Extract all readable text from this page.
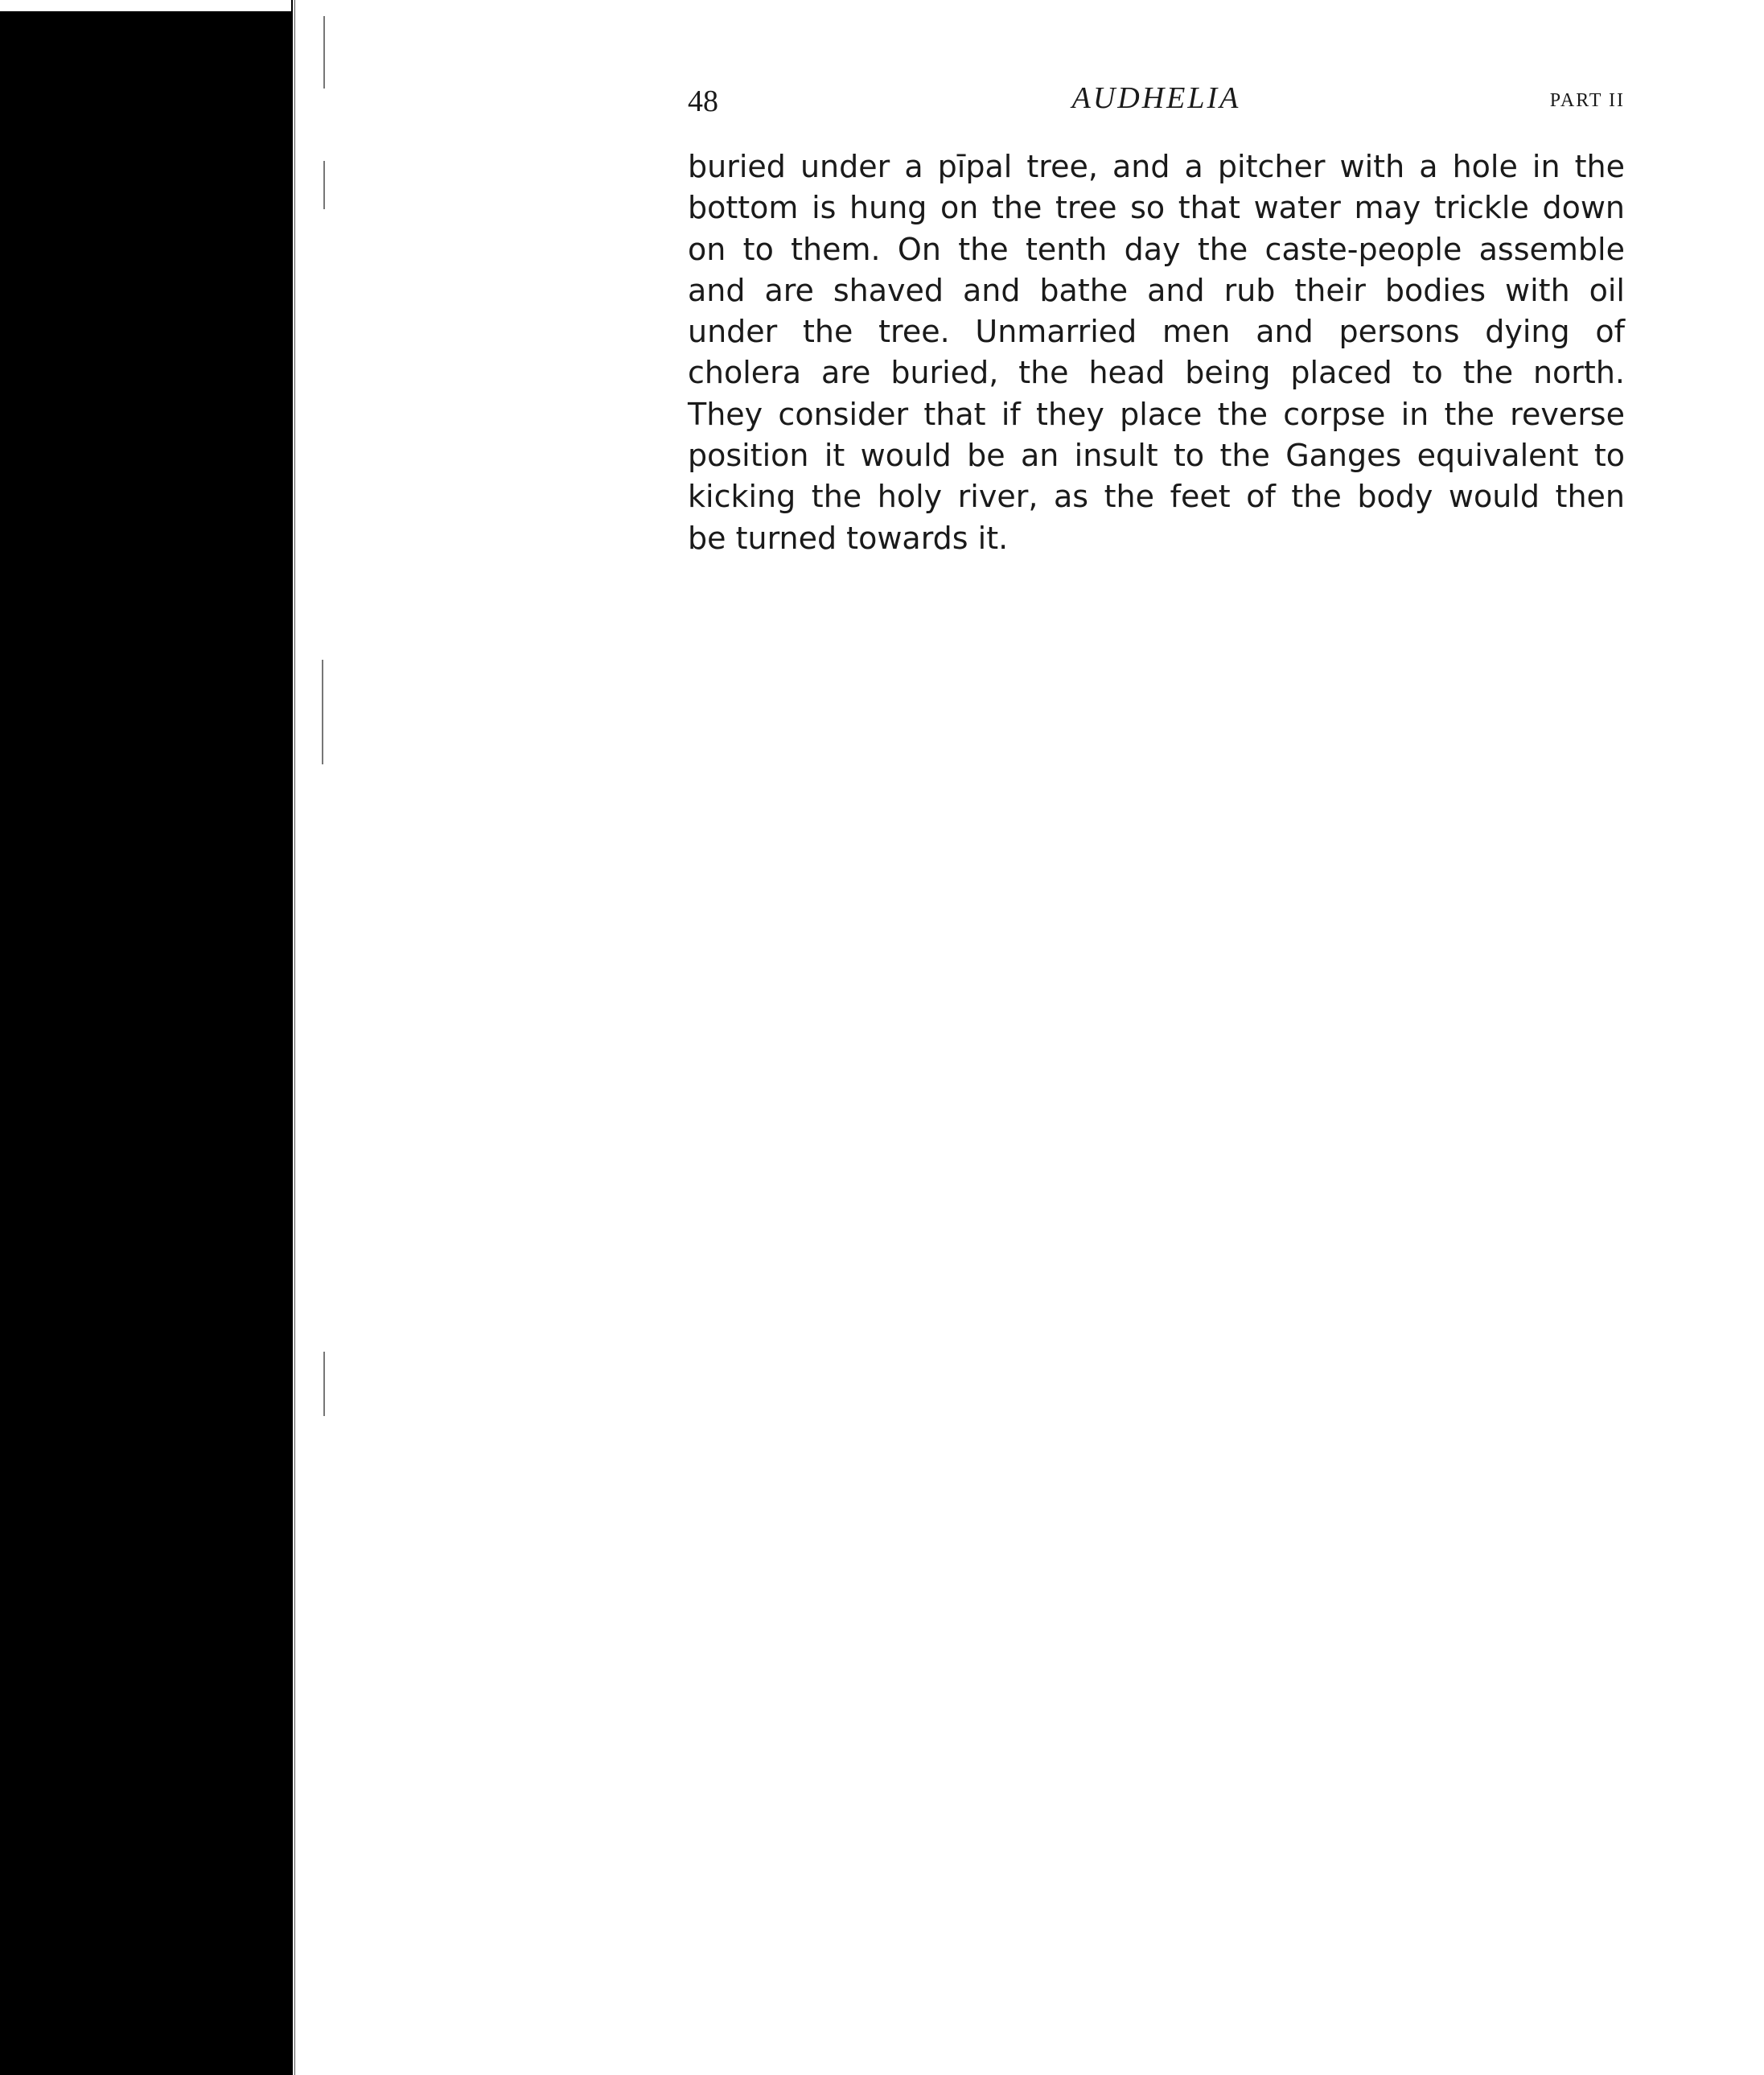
48	AUDHELIA	PART II
buried under a pīpal tree, and a pitcher with a hole in the
bottom is hung on the tree so that water may trickle down
on to them. On the tenth day the caste-people assemble
and are shaved and bathe and rub their bodies with oil
under the tree. Unmarried men and persons dying of
cholera are buried, the head being placed to the north.
They consider that if they place the corpse in the reverse
position it would be an insult to the Ganges equivalent to
kicking the holy river, as the feet of the body would then
be turned towards it.
